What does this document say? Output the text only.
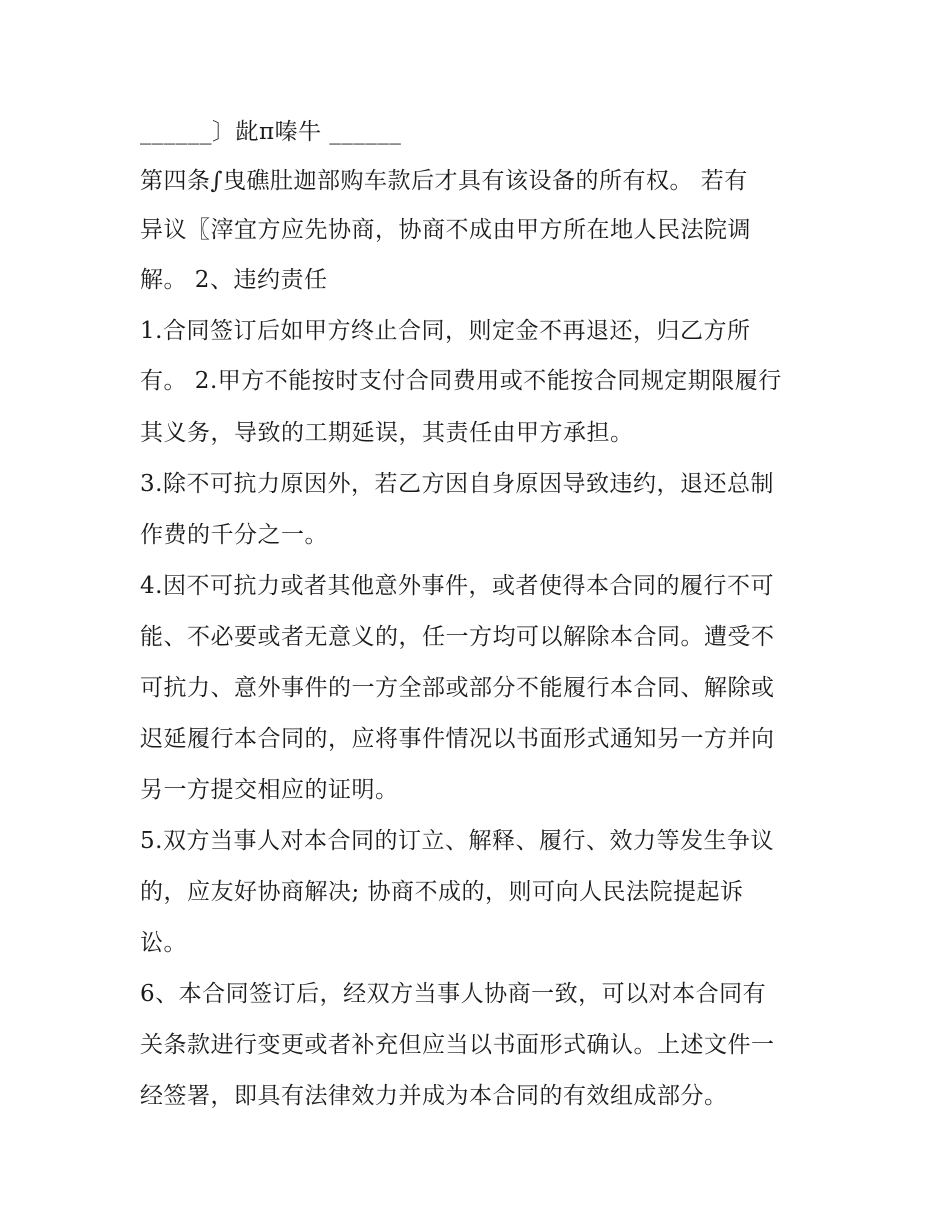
______〕龀π嗪牛 ______
第四条∫曳礁肚迦部购车款后才具有该设备的所有权。 若有
异议〖滓宜方应先协商，协商不成由甲方所在地人民法院调
解。 2、违约责任
1.合同签订后如甲方终止合同，则定金不再退还，归乙方所
有。 2.甲方不能按时支付合同费用或不能按合同规定期限履行
其义务，导致的工期延误，其责任由甲方承担。
3.除不可抗力原因外，若乙方因自身原因导致违约，退还总制
作费的千分之一。
4.因不可抗力或者其他意外事件，或者使得本合同的履行不可
能、不必要或者无意义的，任一方均可以解除本合同。遭受不
可抗力、意外事件的一方全部或部分不能履行本合同、解除或
迟延履行本合同的，应将事件情况以书面形式通知另一方并向
另一方提交相应的证明。
5.双方当事人对本合同的订立、解释、履行、效力等发生争议
的，应友好协商解决; 协商不成的，则可向人民法院提起诉
讼。
6、本合同签订后，经双方当事人协商一致，可以对本合同有
关条款进行变更或者补充但应当以书面形式确认。上述文件一
经签署，即具有法律效力并成为本合同的有效组成部分。
